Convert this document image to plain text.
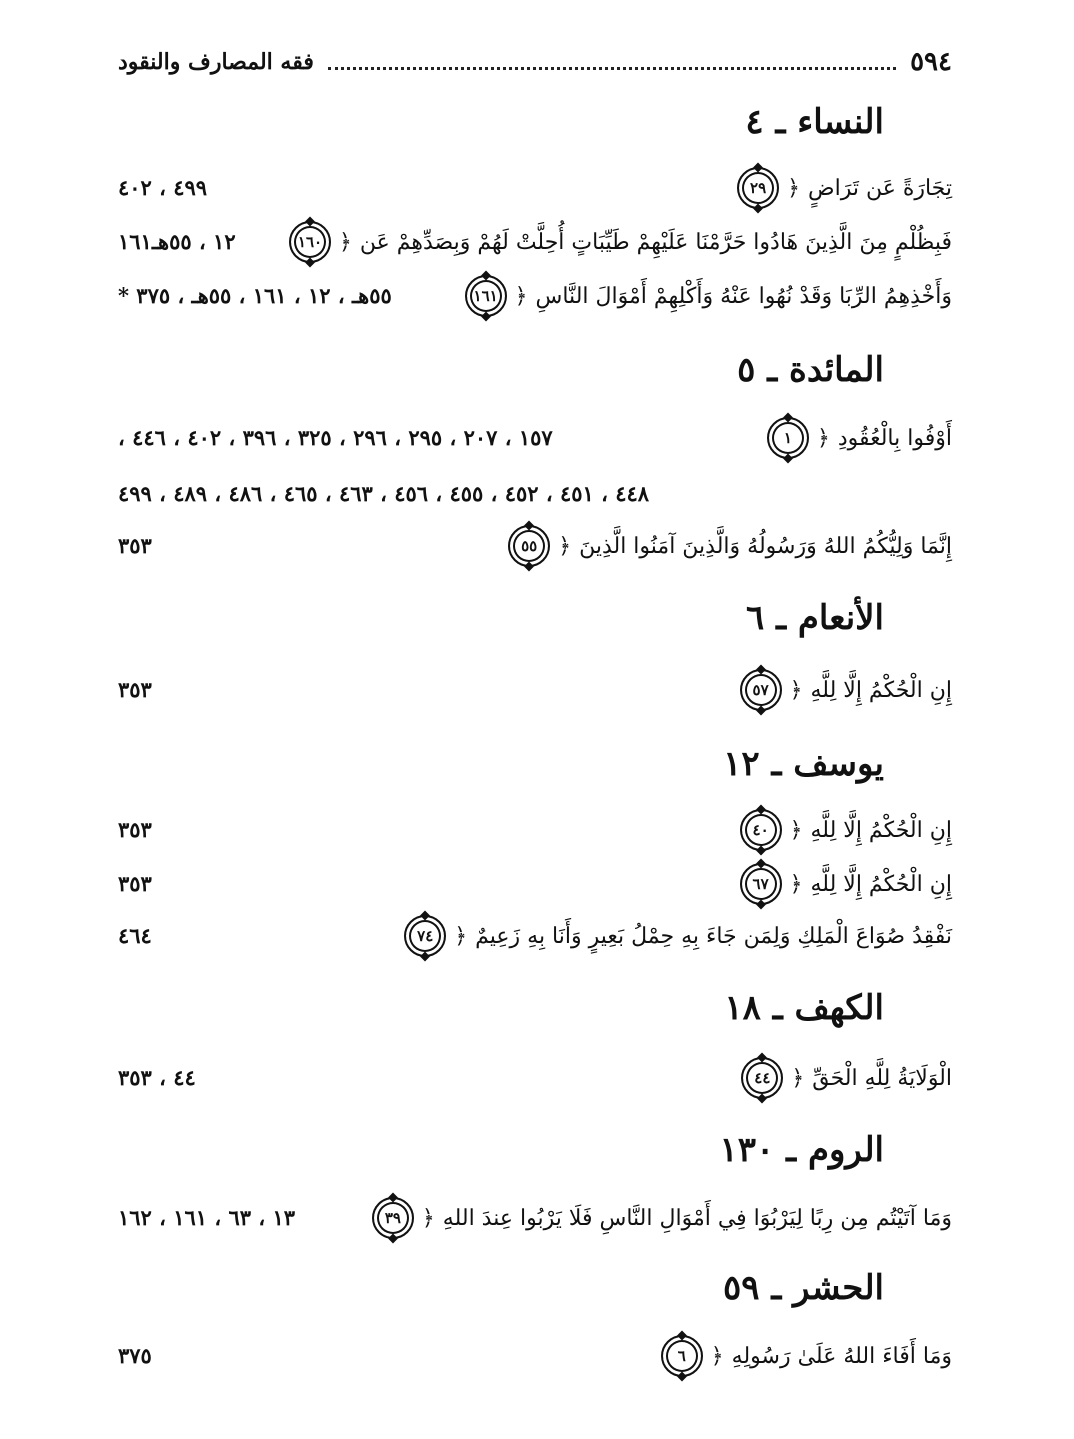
٥٩٤
فقه المصارف والنقود
النساء ـ ٤
٢٩ ﴿ تِجَارَةً عَن تَرَاضٍ
٤٩٩ ، ٤٠٢
١٦٠ ﴿ فَبِظُلْمٍ مِنَ الَّذِينَ هَادُوا حَرَّمْنَا عَلَيْهِمْ طَيِّبَاتٍ أُحِلَّتْ لَهُمْ وَبِصَدِّهِمْ عَن
١٢ ، ٥٥هـ١٦١
١٦١ ﴿ وَأَخْذِهِمُ الرِّبَا وَقَدْ نُهُوا عَنْهُ وَأَكْلِهِمْ أَمْوَالَ النَّاسِ
٥٥هـ ، ١٢ ، ١٦١ ، ٥٥هـ ، ٣٧٥ *
المائدة ـ ٥
١	﴿ أَوْفُوا بِالْعُقُودِ
١٥٧ ، ٢٠٧ ، ٢٩٥ ، ٢٩٦ ، ٣٢٥ ، ٣٩٦ ، ٤٠٢ ، ٤٤٦ ،
٤٤٨ ، ٤٥١ ، ٤٥٢ ، ٤٥٥ ، ٤٥٦ ، ٤٦٣ ، ٤٦٥ ، ٤٨٦ ، ٤٨٩ ، ٤٩٩
٥٥ ﴿ إِنَّمَا وَلِيُّكُمُ اللهُ وَرَسُولُهُ وَالَّذِينَ آمَنُوا الَّذِينَ
٣٥٣
الأنعام ـ ٦
٥٧ ﴿ إِنِ الْحُكْمُ إِلَّا لِلَّهِ
٣٥٣
يوسف ـ ١٢
٤٠ ﴿ إِنِ الْحُكْمُ إِلَّا لِلَّهِ
٣٥٣
٦٧ ﴿ إِنِ الْحُكْمُ إِلَّا لِلَّهِ
٣٥٣
٧٤ ﴿ نَفْقِدُ صُوَاعَ الْمَلِكِ وَلِمَن جَاءَ بِهِ حِمْلُ بَعِيرٍ وَأَنَا بِهِ زَعِيمٌ
٤٦٤
الكهف ـ ١٨
٤٤ ﴿ الْوَلَايَةُ لِلَّهِ الْحَقِّ
٤٤ ، ٣٥٣
الروم ـ ١٣٠
٣٩ ﴿ وَمَا آتَيْتُم مِن رِبًا لِيَرْبُوَا فِي أَمْوَالِ النَّاسِ فَلَا يَرْبُوا عِندَ اللهِ
١٣ ، ٦٣ ، ١٦١ ، ١٦٢
الحشر ـ ٥٩
٦	﴿ وَمَا أَفَاءَ اللهُ عَلَىٰ رَسُولِهِ
٣٧٥
